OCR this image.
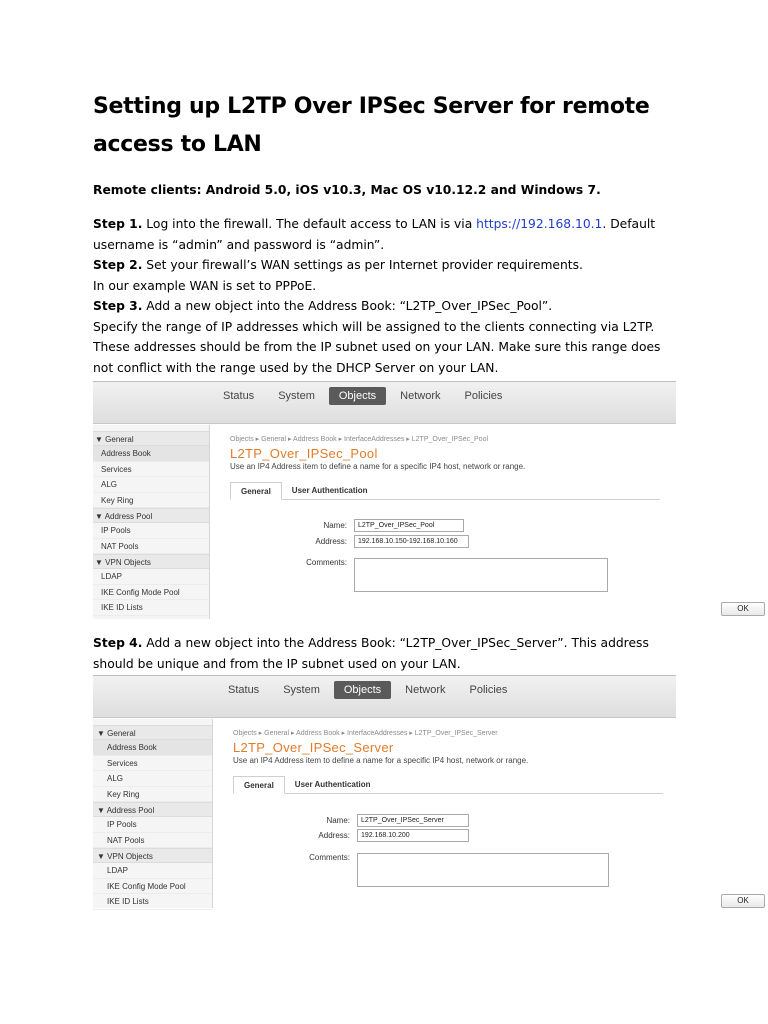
Setting up L2TP Over IPSec Server for remote access to LAN
Remote clients: Android 5.0, iOS v10.3, Mac OS v10.12.2 and Windows 7.
Step 1. Log into the firewall. The default access to LAN is via https://192.168.10.1. Default username is “admin” and password is “admin”.
Step 2. Set your firewall’s WAN settings as per Internet provider requirements.
In our example WAN is set to PPPoE.
Step 3. Add a new object into the Address Book: “L2TP_Over_IPSec_Pool”.
Specify the range of IP addresses which will be assigned to the clients connecting via L2TP. These addresses should be from the IP subnet used on your LAN. Make sure this range does not conflict with the range used by the DHCP Server on your LAN.
Status	System	Objects	Network	Policies
▼ General
Address Book
Services
ALG
Key Ring
▼ Address Pool
IP Pools
NAT Pools
▼ VPN Objects
LDAP
IKE Config Mode Pool
IKE ID Lists
Objects ▸ General ▸ Address Book ▸ InterfaceAddresses ▸ L2TP_Over_IPSec_Pool
L2TP_Over_IPSec_Pool
Use an IP4 Address item to define a name for a specific IP4 host, network or range.
General	User Authentication
Name:	L2TP_Over_IPSec_Pool
Address:	192.168.10.150-192.168.10.160
Comments:
OK
Step 4. Add a new object into the Address Book: “L2TP_Over_IPSec_Server”. This address should be unique and from the IP subnet used on your LAN.
Status	System	Objects	Network	Policies
▼ General
Address Book
Services
ALG
Key Ring
▼ Address Pool
IP Pools
NAT Pools
▼ VPN Objects
LDAP
IKE Config Mode Pool
IKE ID Lists
Objects ▸ General ▸ Address Book ▸ InterfaceAddresses ▸ L2TP_Over_IPSec_Server
L2TP_Over_IPSec_Server
Use an IP4 Address item to define a name for a specific IP4 host, network or range.
General	User Authentication
Name:	L2TP_Over_IPSec_Server
Address:	192.168.10.200
Comments:
OK
